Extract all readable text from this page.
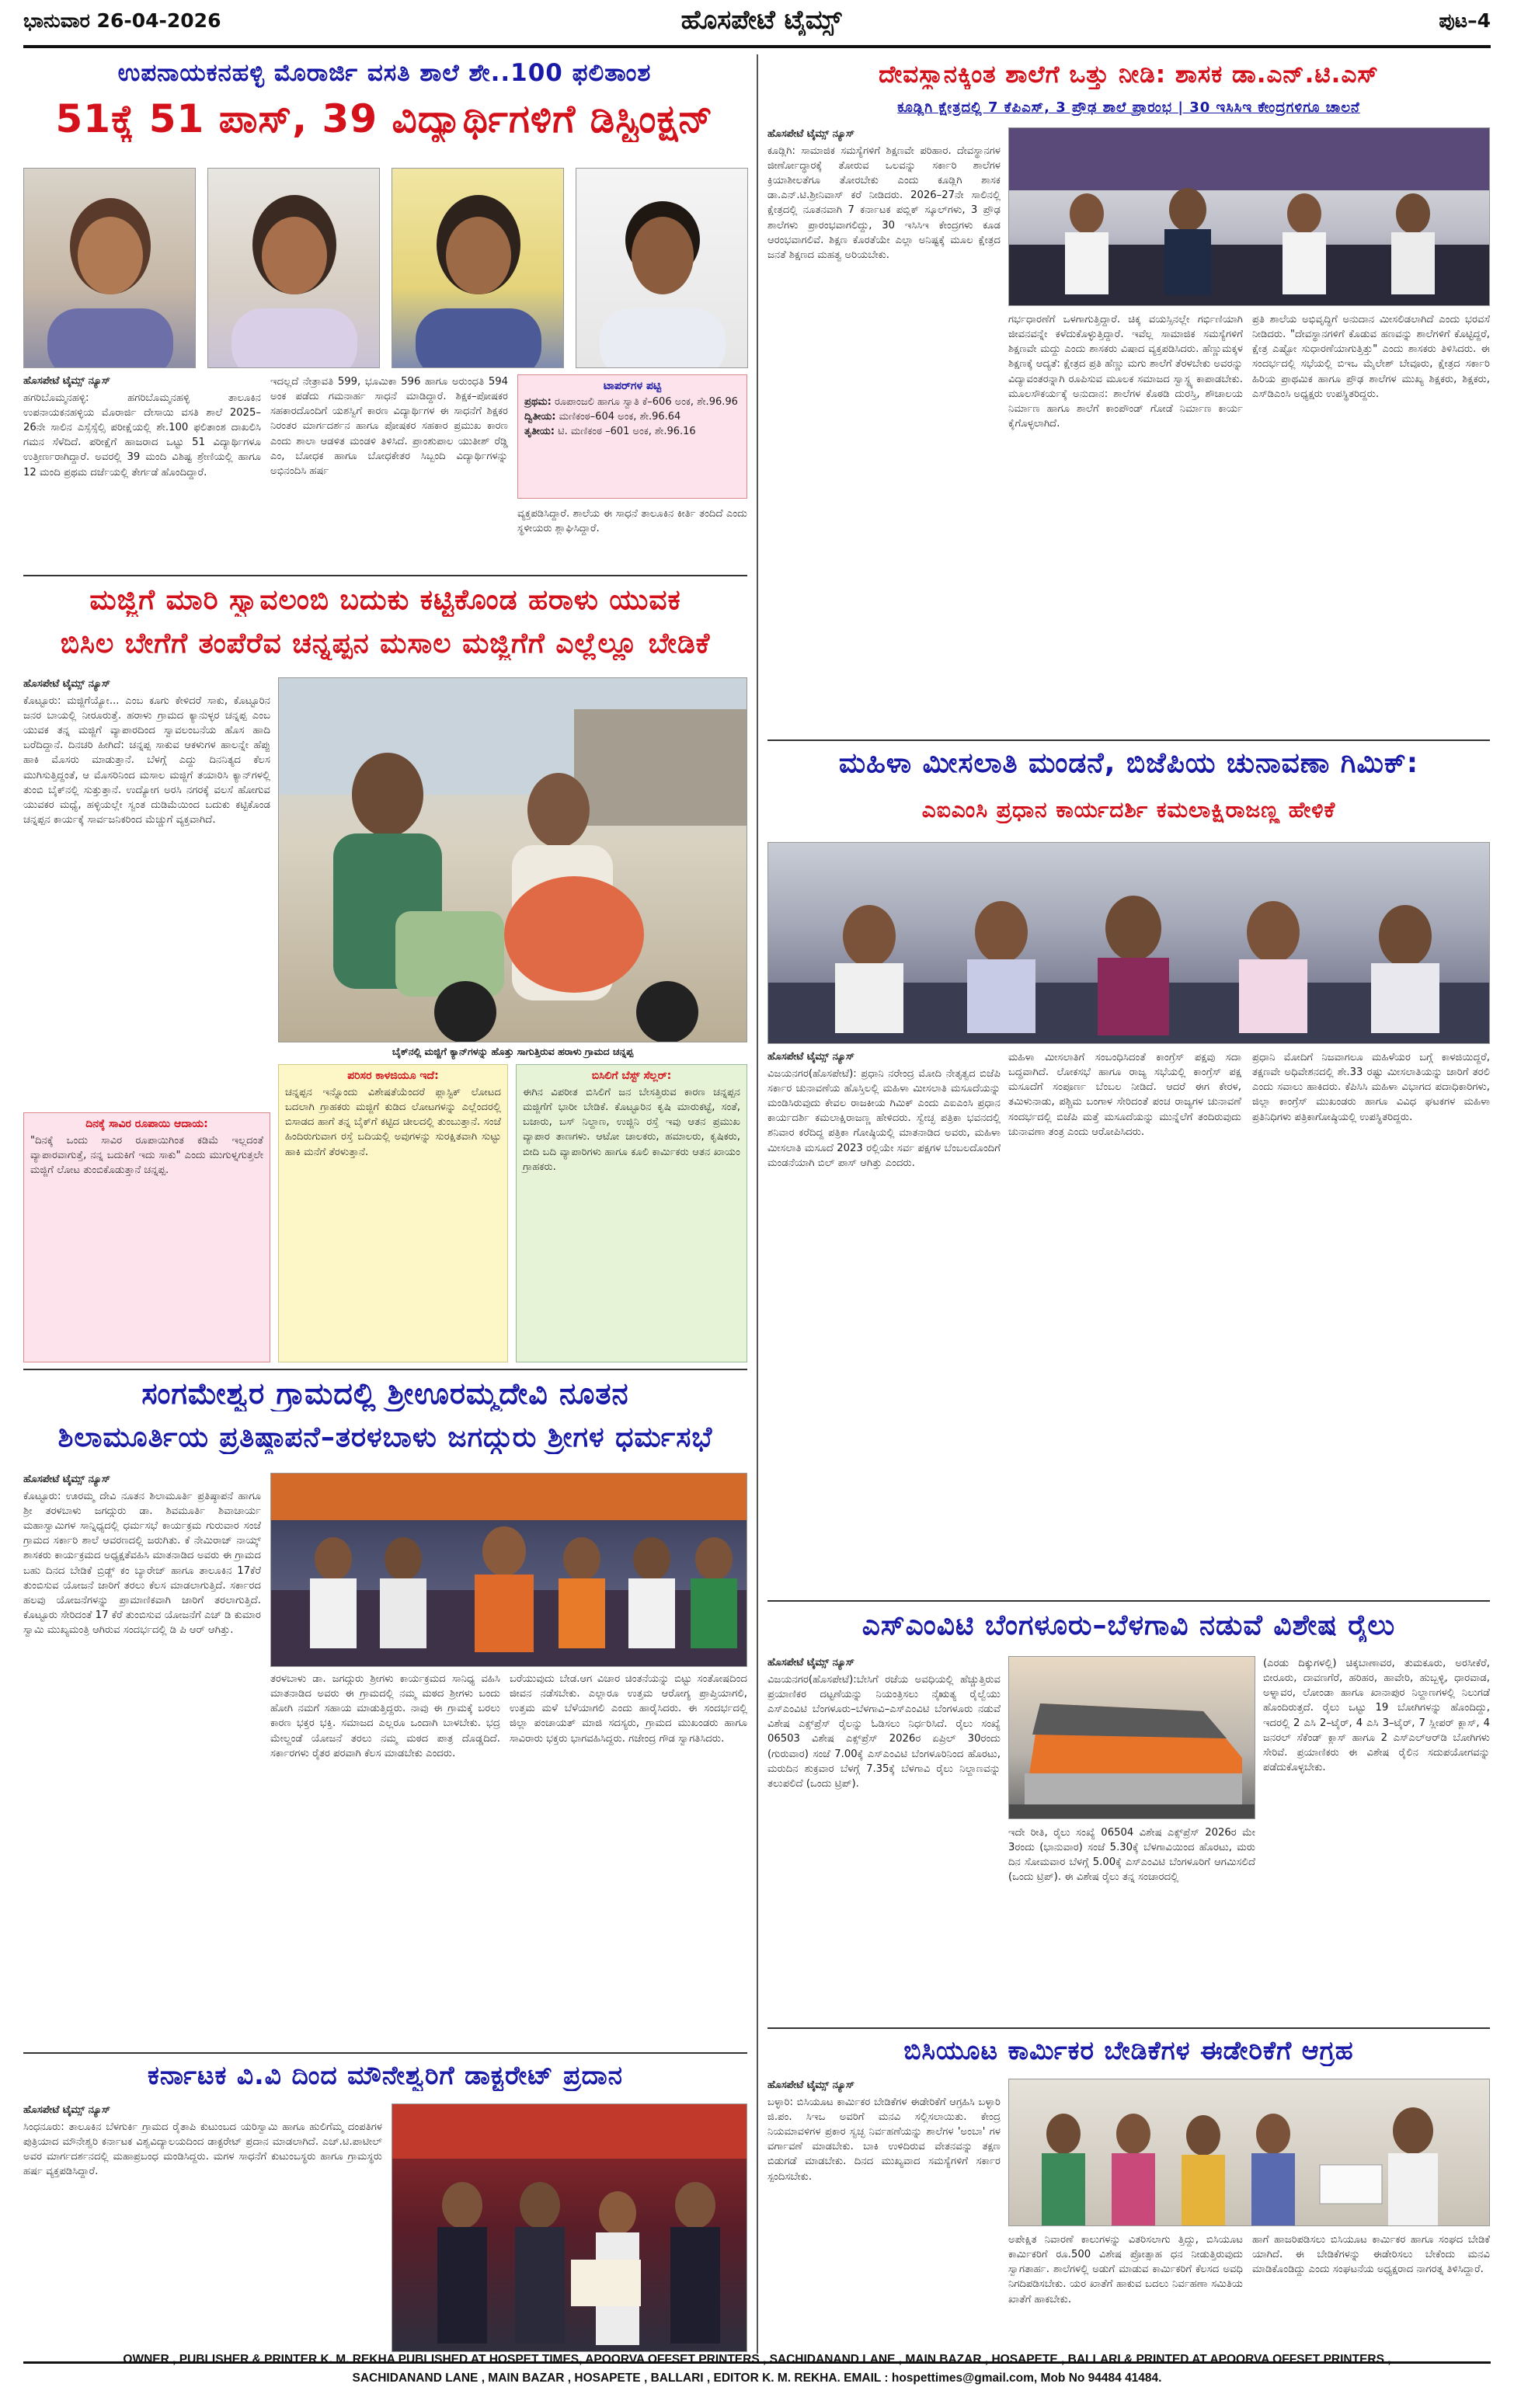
ಭಾನುವಾರ 26-04-2026	ಹೊಸಪೇಟೆ ಟೈಮ್ಸ್	ಪುಟ–4
ಉಪನಾಯಕನಹಳ್ಳಿ ಮೊರಾರ್ಜಿ ವಸತಿ ಶಾಲೆ ಶೇ..100 ಫಲಿತಾಂಶ
51ಕ್ಕೆ 51 ಪಾಸ್, 39 ವಿದ್ಯಾರ್ಥಿಗಳಿಗೆ ಡಿಸ್ಟಿಂಕ್ಷನ್
ಹೊಸಪೇಟೆ ಟೈಮ್ಸ್ ನ್ಯೂಸ್
ಹಗರಿಬೊಮ್ಮನಹಳ್ಳಿ: ಹಗರಿಬೊಮ್ಮನಹಳ್ಳಿ ತಾಲೂಕಿನ ಉಪನಾಯಕನಹಳ್ಳಿಯ ಮೊರಾರ್ಜಿ ದೇಸಾಯಿ ವಸತಿ ಶಾಲೆ 2025–26ನೇ ಸಾಲಿನ ಎಸ್ಸೆಸ್ಸೆಲ್ಸಿ ಪರೀಕ್ಷೆಯಲ್ಲಿ ಶೇ.100 ಫಲಿತಾಂಶ ದಾಖಲಿಸಿ ಗಮನ ಸೆಳೆದಿದೆ. ಪರೀಕ್ಷೆಗೆ ಹಾಜರಾದ ಒಟ್ಟು 51 ವಿದ್ಯಾರ್ಥಿಗಳೂ ಉತ್ತೀರ್ಣರಾಗಿದ್ದಾರೆ. ಅವರಲ್ಲಿ 39 ಮಂದಿ ವಿಶಿಷ್ಟ ಶ್ರೇಣಿಯಲ್ಲಿ ಹಾಗೂ 12 ಮಂದಿ ಪ್ರಥಮ ದರ್ಜೆಯಲ್ಲಿ ತೇರ್ಗಡೆ ಹೊಂದಿದ್ದಾರೆ.
ಇದಲ್ಲದೆ ನೇತ್ರಾವತಿ 599, ಭೂಮಿಕಾ 596 ಹಾಗೂ ಅರುಂಧತಿ 594 ಅಂಕ ಪಡೆದು ಗಮನಾರ್ಹ ಸಾಧನೆ ಮಾಡಿದ್ದಾರೆ. ಶಿಕ್ಷಕ–ಪೋಷಕರ ಸಹಕಾರದೊಂದಿಗೆ ಯಶಸ್ವಿಗೆ ಕಾರಣ ವಿದ್ಯಾರ್ಥಿಗಳ ಈ ಸಾಧನೆಗೆ ಶಿಕ್ಷಕರ ನಿರಂತರ ಮಾರ್ಗದರ್ಶನ ಹಾಗೂ ಪೋಷಕರ ಸಹಕಾರ ಪ್ರಮುಖ ಕಾರಣ ಎಂದು ಶಾಲಾ ಆಡಳಿತ ಮಂಡಳಿ ತಿಳಿಸಿದೆ. ಪ್ರಾಂಶುಪಾಲ ಯುತೀಶ್ ರೆಡ್ಡಿ ಎಂ, ಬೋಧಕ ಹಾಗೂ ಬೋಧಕೇತರ ಸಿಬ್ಬಂದಿ ವಿದ್ಯಾರ್ಥಿಗಳನ್ನು ಅಭಿನಂದಿಸಿ ಹರ್ಷ
ಟಾಪರ್‌ಗಳ ಪಟ್ಟಿ
ಪ್ರಥಮ: ರೂಪಾಂಜಲಿ ಹಾಗೂ ಸ್ವಾತಿ ಕೆ–606 ಅಂಕ, ಶೇ.96.96
ದ್ವಿತೀಯ: ಮಣಿಕಂಠ–604 ಅಂಕ, ಶೇ.96.64
ತೃತೀಯ: ಟಿ. ಮಣಿಕಂಠ –601 ಅಂಕ, ಶೇ.96.16
ವ್ಯಕ್ತಪಡಿಸಿದ್ದಾರೆ. ಶಾಲೆಯ ಈ ಸಾಧನೆ ತಾಲೂಕಿನ ಕೀರ್ತಿ ತಂದಿದೆ ಎಂದು ಸ್ಥಳೀಯರು ಶ್ಲಾಘಿಸಿದ್ದಾರೆ.
ಮಜ್ಜಿಗೆ ಮಾರಿ ಸ್ವಾವಲಂಬಿ ಬದುಕು ಕಟ್ಟಿಕೊಂಡ ಹರಾಳು ಯುವಕ
ಬಿಸಿಲ ಬೇಗೆಗೆ ತಂಪೆರೆವ ಚನ್ನಪ್ಪನ ಮಸಾಲ ಮಜ್ಜಿಗೆಗೆ ಎಲ್ಲೆಲ್ಲೂ ಬೇಡಿಕೆ
ಹೊಸಪೇಟೆ ಟೈಮ್ಸ್ ನ್ಯೂಸ್
ಕೊಟ್ಟೂರು: ಮಜ್ಜಿಗೆಯ್ಯೋ... ಎಂಬ ಕೂಗು ಕೇಳಿದರೆ ಸಾಕು, ಕೊಟ್ಟೂರಿನ ಜನರ ಬಾಯಲ್ಲಿ ನೀರೂರುತ್ತೆ. ಹರಾಳು ಗ್ರಾಮದ ಕ್ಯಾನುಳ್ಳರ ಚನ್ನಪ್ಪ ಎಂಬ ಯುವಕ ತನ್ನ ಮಜ್ಜಿಗೆ ವ್ಯಾಪಾರದಿಂದ ಸ್ವಾವಲಂಬನೆಯ ಹೊಸ ಹಾದಿ ಬರೆದಿದ್ದಾನೆ. ದಿನಚರಿ ಹೀಗಿದೆ: ಚನ್ನಪ್ಪ ಸಾಕುವ ಆಕಳುಗಳ ಹಾಲನ್ನೇ ಹೆಪ್ಪು ಹಾಕಿ ಮೊಸರು ಮಾಡುತ್ತಾನೆ. ಬೆಳಗ್ಗೆ ಎದ್ದು ದಿನನಿತ್ಯದ ಕೆಲಸ ಮುಗಿಸುತ್ತಿದ್ದಂತೆ, ಆ ಮೊಸರಿನಿಂದ ಮಸಾಲ ಮಜ್ಜಿಗೆ ತಯಾರಿಸಿ ಕ್ಯಾನ್‌ಗಳಲ್ಲಿ ತುಂಬಿ ಬೈಕ್‌ನಲ್ಲಿ ಸುತ್ತುತ್ತಾನೆ. ಉದ್ಯೋಗ ಅರಸಿ ನಗರಕ್ಕೆ ವಲಸೆ ಹೋಗುವ ಯುವಕರ ಮಧ್ಯೆ, ಹಳ್ಳಿಯಲ್ಲೇ ಸ್ವಂತ ದುಡಿಮೆಯಿಂದ ಬದುಕು ಕಟ್ಟಿಕೊಂಡ ಚನ್ನಪ್ಪನ ಕಾರ್ಯಕ್ಕೆ ಸಾರ್ವಜನಿಕರಿಂದ ಮೆಚ್ಚುಗೆ ವ್ಯಕ್ತವಾಗಿದೆ.
ಬೈಕ್‌ನಲ್ಲಿ ಮಜ್ಜಿಗೆ ಕ್ಯಾನ್‌ಗಳನ್ನು ಹೊತ್ತು ಸಾಗುತ್ತಿರುವ ಹರಾಳು ಗ್ರಾಮದ ಚನ್ನಪ್ಪ
ದಿನಕ್ಕೆ ಸಾವಿರ ರೂಪಾಯಿ ಆದಾಯ:
"ದಿನಕ್ಕೆ ಒಂದು ಸಾವಿರ ರೂಪಾಯಿಗಿಂತ ಕಡಿಮೆ ಇಲ್ಲದಂತೆ ವ್ಯಾಪಾರವಾಗುತ್ತೆ, ನನ್ನ ಬದುಕಿಗೆ ಇದು ಸಾಕು" ಎಂದು ಮುಗುಳ್ನಗುತ್ತಲೇ ಮಜ್ಜಿಗೆ ಲೋಟ ತುಂಬಿಕೊಡುತ್ತಾನೆ ಚನ್ನಪ್ಪ.
ಪರಿಸರ ಕಾಳಜಿಯೂ ಇದೆ:
ಚನ್ನಪ್ಪನ ಇನ್ನೊಂದು ವಿಶೇಷತೆಯೆಂದರೆ ಪ್ಲಾಸ್ಟಿಕ್ ಲೋಟದ ಬದಲಾಗಿ ಗ್ರಾಹಕರು ಮಜ್ಜಿಗೆ ಕುಡಿದ ಲೋಟಗಳನ್ನು ಎಲ್ಲೆಂದರಲ್ಲಿ ಬಿಸಾಡದ ಹಾಗೆ ತನ್ನ ಬೈಕ್‌ಗೆ ಕಟ್ಟಿದ ಚೀಲದಲ್ಲಿ ತುಂಬುತ್ತಾನೆ. ಸಂಜೆ ಹಿಂದಿರುಗುವಾಗ ರಸ್ತೆ ಬದಿಯಲ್ಲಿ ಅವುಗಳನ್ನು ಸುರಕ್ಷಿತವಾಗಿ ಸುಟ್ಟು ಹಾಕಿ ಮನೆಗೆ ತೆರಳುತ್ತಾನೆ.
ಬಿಸಿಲಿಗೆ ಬೆಸ್ಟ್ ಸೆಲ್ಲರ್:
ಈಗಿನ ವಿಪರೀತ ಬಿಸಿಲಿಗೆ ಜನ ಬೇಸತ್ತಿರುವ ಕಾರಣ ಚನ್ನಪ್ಪನ ಮಜ್ಜಿಗೆಗೆ ಭಾರೀ ಬೇಡಿಕೆ. ಕೊಟ್ಟೂರಿನ ಕೃಷಿ ಮಾರುಕಟ್ಟೆ, ಸಂತೆ, ಬಜಾರು, ಬಸ್ ನಿಲ್ದಾಣ, ಉಜ್ಜಿನಿ ರಸ್ತೆ ಇವು ಆತನ ಪ್ರಮುಖ ವ್ಯಾಪಾರ ತಾಣಗಳು. ಆಟೋ ಚಾಲಕರು, ಹಮಾಲರು, ಕೃಷಿಕರು, ಬೀದಿ ಬದಿ ವ್ಯಾಪಾರಿಗಳು ಹಾಗೂ ಕೂಲಿ ಕಾರ್ಮಿಕರು ಆತನ ಖಾಯಂ ಗ್ರಾಹಕರು.
ಸಂಗಮೇಶ್ವರ ಗ್ರಾಮದಲ್ಲಿ ಶ್ರೀಊರಮ್ಮದೇವಿ ನೂತನ
ಶಿಲಾಮೂರ್ತಿಯ ಪ್ರತಿಷ್ಠಾಪನೆ–ತರಳಬಾಳು ಜಗದ್ಗುರು ಶ್ರೀಗಳ ಧರ್ಮಸಭೆ
ಹೊಸಪೇಟೆ ಟೈಮ್ಸ್ ನ್ಯೂಸ್
ಕೊಟ್ಟೂರು: ಊರಮ್ಮ ದೇವಿ ನೂತನ ಶಿಲಾಮೂರ್ತಿ ಪ್ರತಿಷ್ಠಾಪನೆ ಹಾಗೂ ಶ್ರೀ ತರಳಬಾಳು ಜಗದ್ಗುರು ಡಾ. ಶಿವಮೂರ್ತಿ ಶಿವಾಚಾರ್ಯ ಮಹಾಸ್ವಾಮಿಗಳ ಸಾನ್ನಿಧ್ಯದಲ್ಲಿ ಧರ್ಮಸಭೆ ಕಾರ್ಯಕ್ರಮ ಗುರುವಾರ ಸಂಜೆ ಗ್ರಾಮದ ಸರ್ಕಾರಿ ಶಾಲೆ ಆವರಣದಲ್ಲಿ ಜರುಗಿತು. ಕೆ ನೇಮಿರಾಜ್ ನಾಯ್ಕ್ ಶಾಸಕರು ಕಾರ್ಯಕ್ರಮದ ಅಧ್ಯಕ್ಷತೆವಹಿಸಿ ಮಾತನಾಡಿದ ಅವರು ಈ ಗ್ರಾಮದ ಬಹು ದಿನದ ಬೇಡಿಕೆ ಬ್ರಿಡ್ಜ್ ಕಂ ಬ್ಯಾರೇಜ್ ಹಾಗೂ ತಾಲೂಕಿನ 17ಕೆರೆ ತುಂಬಿಸುವ ಯೋಜನೆ ಜಾರಿಗೆ ತರಲು ಕೆಲಸ ಮಾಡಲಾಗುತ್ತಿದೆ. ಸರ್ಕಾರದ ಹಲವು ಯೋಜನೆಗಳನ್ನು ಪ್ರಾಮಾಣಿಕವಾಗಿ ಜಾರಿಗೆ ತರಲಾಗುತ್ತಿದೆ. ಕೊಟ್ಟೂರು ಸೇರಿದಂತೆ 17 ಕೆರೆ ತುಂಬಿಸುವ ಯೋಜನೆಗೆ ಎಚ್ ಡಿ ಕುಮಾರ ಸ್ವಾಮಿ ಮುಖ್ಯಮಂತ್ರಿ ಆಗಿರುವ ಸಂದರ್ಭದಲ್ಲಿ ಡಿ ಪಿ ಆರ್ ಆಗಿತ್ತು.
ತರಳಬಾಳು ಡಾ. ಜಗದ್ಗುರು ಶ್ರೀಗಳು ಕಾರ್ಯಕ್ರಮದ ಸಾನಿಧ್ಯ ವಹಿಸಿ ಮಾತನಾಡಿದ ಅವರು ಈ ಗ್ರಾಮದಲ್ಲಿ ನಮ್ಮ ಮಠದ ಶ್ರೀಗಳು ಬಂದು ಹೋಗಿ ನಮಗೆ ಸಹಾಯ ಮಾಡುತ್ತಿದ್ದರು. ನಾವು ಈ ಗ್ರಾಮಕ್ಕೆ ಬರಲು ಕಾರಣ ಭಕ್ತರ ಭಕ್ತಿ. ಸಮಾಜದ ಎಲ್ಲರೂ ಒಂದಾಗಿ ಬಾಳಬೇಕು. ಭದ್ರ ಮೇಲ್ದಂಡೆ ಯೋಜನೆ ತರಲು ನಮ್ಮ ಮಠದ ಪಾತ್ರ ದೊಡ್ಡದಿದೆ. ಸರ್ಕಾರಗಳು ರೈತರ ಪರವಾಗಿ ಕೆಲಸ ಮಾಡಬೇಕು ಎಂದರು.
ಬರೆಯುವುದು ಬೇಡ.ಆಗ ವಿಚಾರ ಚಿಂತನೆಯನ್ನು ಬಿಟ್ಟು ಸಂತೋಷದಿಂದ ಜೀವನ ನಡೆಸಬೇಕು. ಎಲ್ಲಾರೂ ಉತ್ತಮ ಆರೋಗ್ಯ ಪ್ರಾಪ್ತಿಯಾಗಲಿ, ಉತ್ತಮ ಮಳೆ ಬೆಳೆಯಾಗಲಿ ಎಂದು ಹಾರೈಸಿದರು. ಈ ಸಂದರ್ಭದಲ್ಲಿ ಜಿಲ್ಲಾ ಪಂಚಾಯತ್ ಮಾಜಿ ಸದಸ್ಯರು, ಗ್ರಾಮದ ಮುಖಂಡರು ಹಾಗೂ ಸಾವಿರಾರು ಭಕ್ತರು ಭಾಗವಹಿಸಿದ್ದರು. ಗಜೇಂದ್ರ ಗೌಡ ಸ್ವಾಗತಿಸಿದರು.
ಕರ್ನಾಟಕ ವಿ.ವಿ ದಿಂದ ಮೌನೇಶ್ವರಿಗೆ ಡಾಕ್ಟರೇಟ್ ಪ್ರದಾನ
ಹೊಸಪೇಟೆ ಟೈಮ್ಸ್ ನ್ಯೂಸ್
ಸಿಂಧನೂರು: ತಾಲೂಕಿನ ಬೆಳಗುರ್ಕಿ ಗ್ರಾಮದ ರೈತಾಪಿ ಕುಟುಂಬದ ಯರಿಸ್ವಾಮಿ ಹಾಗೂ ಹುಲಿಗೆಮ್ಮ ದಂಪತಿಗಳ ಪುತ್ರಿಯಾದ ಮೌನೇಶ್ವರಿ ಕರ್ನಾಟಕ ವಿಶ್ವವಿದ್ಯಾಲಯದಿಂದ ಡಾಕ್ಟರೇಟ್ ಪ್ರದಾನ ಮಾಡಲಾಗಿದೆ. ಎಚ್.ಟಿ.ಪಾಟೀಲ್ ಅವರ ಮಾರ್ಗದರ್ಶನದಲ್ಲಿ ಮಹಾಪ್ರಬಂಧ ಮಂಡಿಸಿದ್ದರು. ಮಗಳ ಸಾಧನೆಗೆ ಕುಟುಂಬಸ್ಥರು ಹಾಗೂ ಗ್ರಾಮಸ್ಥರು ಹರ್ಷ ವ್ಯಕ್ತಪಡಿಸಿದ್ದಾರೆ.
ದೇವಸ್ಥಾನಕ್ಕಿಂತ ಶಾಲೆಗೆ ಒತ್ತು ನೀಡಿ: ಶಾಸಕ ಡಾ.ಎನ್.ಟಿ.ಎಸ್
ಕೂಡ್ಲಿಗಿ ಕ್ಷೇತ್ರದಲ್ಲಿ 7 ಕೆಪಿಎಸ್, 3 ಪ್ರೌಢ ಶಾಲೆ ಪ್ರಾರಂಭ | 30 ಇಸಿಸಿಇ ಕೇಂದ್ರಗಳಿಗೂ ಚಾಲನೆ
ಹೊಸಪೇಟೆ ಟೈಮ್ಸ್ ನ್ಯೂಸ್
ಕೂಡ್ಲಿಗಿ: ಸಾಮಾಜಿಕ ಸಮಸ್ಯೆಗಳಿಗೆ ಶಿಕ್ಷಣವೇ ಪರಿಹಾರ. ದೇವಸ್ಥಾನಗಳ ಜೀರ್ಣೋದ್ಧಾರಕ್ಕೆ ತೋರುವ ಒಲವನ್ನು ಸರ್ಕಾರಿ ಶಾಲೆಗಳ ಕ್ರಿಯಾಶೀಲತೆಗೂ ತೋರಬೇಕು ಎಂದು ಕೂಡ್ಲಿಗಿ ಶಾಸಕ ಡಾ.ಎನ್.ಟಿ.ಶ್ರೀನಿವಾಸ್ ಕರೆ ನೀಡಿದರು. 2026–27ನೇ ಸಾಲಿನಲ್ಲಿ ಕ್ಷೇತ್ರದಲ್ಲಿ ನೂತನವಾಗಿ 7 ಕರ್ನಾಟಕ ಪಬ್ಲಿಕ್ ಸ್ಕೂಲ್‌ಗಳು, 3 ಪ್ರೌಢ ಶಾಲೆಗಳು ಪ್ರಾರಂಭವಾಗಲಿದ್ದು, 30 ಇಸಿಸಿಇ ಕೇಂದ್ರಗಳು ಕೂಡ ಆರಂಭವಾಗಲಿವೆ. ಶಿಕ್ಷಣ ಕೊರತೆಯೇ ಎಲ್ಲಾ ಅನಿಷ್ಟಕ್ಕೆ ಮೂಲ ಕ್ಷೇತ್ರದ ಜನತೆ ಶಿಕ್ಷಣದ ಮಹತ್ವ ಅರಿಯಬೇಕು.
ಗರ್ಭಧಾರಣೆಗೆ ಒಳಗಾಗುತ್ತಿದ್ದಾರೆ. ಚಿಕ್ಕ ವಯಸ್ಸಿನಲ್ಲೇ ಗರ್ಭಿಣಿಯಾಗಿ ಜೀವನವನ್ನೇ ಕಳೆದುಕೊಳ್ಳುತ್ತಿದ್ದಾರೆ. ಇವೆಲ್ಲ ಸಾಮಾಜಿಕ ಸಮಸ್ಯೆಗಳಿಗೆ ಶಿಕ್ಷಣವೇ ಮದ್ದು ಎಂದು ಶಾಸಕರು ವಿಷಾದ ವ್ಯಕ್ತಪಡಿಸಿದರು. ಹೆಣ್ಣುಮಕ್ಕಳ ಶಿಕ್ಷಣಕ್ಕೆ ಆದ್ಯತೆ: ಕ್ಷೇತ್ರದ ಪ್ರತಿ ಹೆಣ್ಣು ಮಗು ಶಾಲೆಗೆ ತೆರಳಬೇಕು ಅವರನ್ನು ವಿದ್ಯಾವಂತರನ್ನಾಗಿ ರೂಪಿಸುವ ಮೂಲಕ ಸಮಾಜದ ಸ್ವಾಸ್ಥ್ಯ ಕಾಪಾಡಬೇಕು. ಮೂಲಸೌಕರ್ಯಕ್ಕೆ ಅನುದಾನ: ಶಾಲೆಗಳ ಕೊಠಡಿ ದುರಸ್ತಿ, ಶೌಚಾಲಯ ನಿರ್ಮಾಣ ಹಾಗೂ ಶಾಲೆಗೆ ಕಾಂಪೌಂಡ್ ಗೋಡೆ ನಿರ್ಮಾಣ ಕಾರ್ಯ ಕೈಗೊಳ್ಳಲಾಗಿದೆ.
ಪ್ರತಿ ಶಾಲೆಯ ಅಭಿವೃದ್ಧಿಗೆ ಅನುದಾನ ಮೀಸಲಿಡಲಾಗಿದೆ ಎಂದು ಭರವಸೆ ನೀಡಿದರು. "ದೇವಸ್ಥಾನಗಳಿಗೆ ಕೊಡುವ ಹಣವನ್ನು ಶಾಲೆಗಳಿಗೆ ಕೊಟ್ಟಿದ್ದರೆ, ಕ್ಷೇತ್ರ ಎಷ್ಟೋ ಸುಧಾರಣೆಯಾಗುತ್ತಿತ್ತು" ಎಂದು ಶಾಸಕರು ತಿಳಿಸಿದರು. ಈ ಸಂದರ್ಭದಲ್ಲಿ ಸಭೆಯಲ್ಲಿ ಬಿಇಒ ಮೈಲೇಶ್ ಬೇವೂರು, ಕ್ಷೇತ್ರದ ಸರ್ಕಾರಿ ಹಿರಿಯ ಪ್ರಾಥಮಿಕ ಹಾಗೂ ಪ್ರೌಢ ಶಾಲೆಗಳ ಮುಖ್ಯ ಶಿಕ್ಷಕರು, ಶಿಕ್ಷಕರು, ಎಸ್‌ಡಿಎಂಸಿ ಅಧ್ಯಕ್ಷರು ಉಪಸ್ಥಿತರಿದ್ದರು.
ಮಹಿಳಾ ಮೀಸಲಾತಿ ಮಂಡನೆ, ಬಿಜೆಪಿಯ ಚುನಾವಣಾ ಗಿಮಿಕ್:
ಎಐಎಂಸಿ ಪ್ರಧಾನ ಕಾರ್ಯದರ್ಶಿ ಕಮಲಾಕ್ಷಿರಾಜಣ್ಣ ಹೇಳಿಕೆ
ಹೊಸಪೇಟೆ ಟೈಮ್ಸ್ ನ್ಯೂಸ್
ವಿಜಯನಗರ(ಹೊಸಪೇಟೆ): ಪ್ರಧಾನಿ ನರೇಂದ್ರ ಮೋದಿ ನೇತೃತ್ವದ ಬಿಜೆಪಿ ಸರ್ಕಾರ ಚುನಾವಣೆಯ ಹೊಸ್ತಿಲಲ್ಲಿ ಮಹಿಳಾ ಮೀಸಲಾತಿ ಮಸೂದೆಯನ್ನು ಮಂಡಿಸಿರುವುದು ಕೇವಲ ರಾಜಕೀಯ ಗಿಮಿಕ್ ಎಂದು ಎಐಎಂಸಿ ಪ್ರಧಾನ ಕಾರ್ಯದರ್ಶಿ ಕಮಲಾಕ್ಷಿರಾಜಣ್ಣ ಹೇಳಿದರು. ಸ್ವೇಚ್ಛ ಪತ್ರಿಕಾ ಭವನದಲ್ಲಿ ಶನಿವಾರ ಕರೆದಿದ್ದ ಪತ್ರಿಕಾ ಗೋಷ್ಠಿಯಲ್ಲಿ ಮಾತನಾಡಿದ ಅವರು, ಮಹಿಳಾ ಮೀಸಲಾತಿ ಮಸೂದೆ 2023 ರಲ್ಲಿಯೇ ಸರ್ವ ಪಕ್ಷಗಳ ಬೆಂಬಲದೊಂದಿಗೆ ಮಂಡನೆಯಾಗಿ ಬಿಲ್ ಪಾಸ್ ಆಗಿತ್ತು ಎಂದರು.
ಮಹಿಳಾ ಮೀಸಲಾತಿಗೆ ಸಂಬಂಧಿಸಿದಂತೆ ಕಾಂಗ್ರೆಸ್ ಪಕ್ಷವು ಸದಾ ಬದ್ಧವಾಗಿದೆ. ಲೋಕಸಭೆ ಹಾಗೂ ರಾಜ್ಯ ಸಭೆಯಲ್ಲಿ ಕಾಂಗ್ರೆಸ್ ಪಕ್ಷ ಮಸೂದೆಗೆ ಸಂಪೂರ್ಣ ಬೆಂಬಲ ನೀಡಿದೆ. ಆದರೆ ಈಗ ಕೇರಳ, ತಮಿಳುನಾಡು, ಪಶ್ಚಿಮ ಬಂಗಾಳ ಸೇರಿದಂತೆ ಪಂಚ ರಾಜ್ಯಗಳ ಚುನಾವಣೆ ಸಂದರ್ಭದಲ್ಲಿ ಬಿಜೆಪಿ ಮತ್ತೆ ಮಸೂದೆಯನ್ನು ಮುನ್ನೆಲೆಗೆ ತಂದಿರುವುದು ಚುನಾವಣಾ ತಂತ್ರ ಎಂದು ಆರೋಪಿಸಿದರು.
ಪ್ರಧಾನಿ ಮೋದಿಗೆ ನಿಜವಾಗಲೂ ಮಹಿಳೆಯರ ಬಗ್ಗೆ ಕಾಳಜಿಯಿದ್ದರೆ, ತಕ್ಷಣವೇ ಅಧಿವೇಶನದಲ್ಲಿ ಶೇ.33 ರಷ್ಟು ಮೀಸಲಾತಿಯನ್ನು ಜಾರಿಗೆ ತರಲಿ ಎಂದು ಸವಾಲು ಹಾಕಿದರು. ಕೆಪಿಸಿಸಿ ಮಹಿಳಾ ವಿಭಾಗದ ಪದಾಧಿಕಾರಿಗಳು, ಜಿಲ್ಲಾ ಕಾಂಗ್ರೆಸ್ ಮುಖಂಡರು ಹಾಗೂ ವಿವಿಧ ಘಟಕಗಳ ಮಹಿಳಾ ಪ್ರತಿನಿಧಿಗಳು ಪತ್ರಿಕಾಗೋಷ್ಠಿಯಲ್ಲಿ ಉಪಸ್ಥಿತರಿದ್ದರು.
ಎಸ್‌ಎಂವಿಟಿ ಬೆಂಗಳೂರು–ಬೆಳಗಾವಿ ನಡುವೆ ವಿಶೇಷ ರೈಲು
ಹೊಸಪೇಟೆ ಟೈಮ್ಸ್ ನ್ಯೂಸ್
ವಿಜಯನಗರ(ಹೊಸಪೇಟೆ):ಬೇಸಿಗೆ ರಜೆಯ ಅವಧಿಯಲ್ಲಿ ಹೆಚ್ಚುತ್ತಿರುವ ಪ್ರಯಾಣಿಕರ ದಟ್ಟಣೆಯನ್ನು ನಿಯಂತ್ರಿಸಲು ನೈಋತ್ಯ ರೈಲ್ವೆಯು ಎಸ್‌ಎಂವಿಟಿ ಬೆಂಗಳೂರು–ಬೆಳಗಾವಿ–ಎಸ್‌ಎಂವಿಟಿ ಬೆಂಗಳೂರು ನಡುವೆ ವಿಶೇಷ ಎಕ್ಸ್‌ಪ್ರೆಸ್ ರೈಲನ್ನು ಓಡಿಸಲು ನಿರ್ಧರಿಸಿದೆ. ರೈಲು ಸಂಖ್ಯೆ 06503 ವಿಶೇಷ ಎಕ್ಸ್‌ಪ್ರೆಸ್ 2026ರ ಏಪ್ರಿಲ್ 30ರಂದು (ಗುರುವಾರ) ಸಂಜೆ 7.00ಕ್ಕೆ ಎಸ್‌ಎಂವಿಟಿ ಬೆಂಗಳೂರಿನಿಂದ ಹೊರಟು, ಮರುದಿನ ಶುಕ್ರವಾರ ಬೆಳಗ್ಗೆ 7.35ಕ್ಕೆ ಬೆಳಗಾವಿ ರೈಲು ನಿಲ್ದಾಣವನ್ನು ತಲುಪಲಿದೆ (ಒಂದು ಟ್ರಿಪ್).
ಇದೇ ರೀತಿ, ರೈಲು ಸಂಖ್ಯೆ 06504 ವಿಶೇಷ ಎಕ್ಸ್‌ಪ್ರೆಸ್ 2026ರ ಮೇ 3ರಂದು (ಭಾನುವಾರ) ಸಂಜೆ 5.30ಕ್ಕೆ ಬೆಳಗಾವಿಯಿಂದ ಹೊರಟು, ಮರು ದಿನ ಸೋಮವಾರ ಬೆಳಗ್ಗೆ 5.00ಕ್ಕೆ ಎಸ್‌ಎಂವಿಟಿ ಬೆಂಗಳೂರಿಗೆ ಆಗಮಿಸಲಿದೆ (ಒಂದು ಟ್ರಿಪ್). ಈ ವಿಶೇಷ ರೈಲು ತನ್ನ ಸಂಚಾರದಲ್ಲಿ
(ಎರಡು ದಿಕ್ಕುಗಳಲ್ಲಿ) ಚಿಕ್ಕಬಾಣಾವರ, ತುಮಕೂರು, ಅರಸೀಕೆರೆ, ಬೀರೂರು, ದಾವಣಗೆರೆ, ಹರಿಹರ, ಹಾವೇರಿ, ಹುಬ್ಬಳ್ಳಿ, ಧಾರವಾಡ, ಅಳ್ನಾವರ, ಲೋಂಡಾ ಹಾಗೂ ಖಾನಾಪುರ ನಿಲ್ದಾಣಗಳಲ್ಲಿ ನಿಲುಗಡೆ ಹೊಂದಿರುತ್ತದೆ. ರೈಲು ಒಟ್ಟು 19 ಬೋಗಿಗಳನ್ನು ಹೊಂದಿದ್ದು, ಇದರಲ್ಲಿ 2 ಎಸಿ 2–ಟೈರ್, 4 ಎಸಿ 3–ಟೈರ್, 7 ಸ್ಲೀಪರ್ ಕ್ಲಾಸ್, 4 ಜನರಲ್ ಸೆಕೆಂಡ್ ಕ್ಲಾಸ್ ಹಾಗೂ 2 ಎಸ್ಎಲ್ಆರ್‌ಡಿ ಬೋಗಿಗಳು ಸೇರಿವೆ. ಪ್ರಯಾಣಿಕರು ಈ ವಿಶೇಷ ರೈಲಿನ ಸದುಪಯೋಗವನ್ನು ಪಡೆದುಕೊಳ್ಳಬೇಕು.
ಬಿಸಿಯೂಟ ಕಾರ್ಮಿಕರ ಬೇಡಿಕೆಗಳ ಈಡೇರಿಕೆಗೆ ಆಗ್ರಹ
ಹೊಸಪೇಟೆ ಟೈಮ್ಸ್ ನ್ಯೂಸ್
ಬಳ್ಳಾರಿ: ಬಿಸಿಯೂಟ ಕಾರ್ಮಿಕರ ಬೇಡಿಕೆಗಳ ಈಡೇರಿಕೆಗೆ ಆಗ್ರಹಿಸಿ ಬಳ್ಳಾರಿ ಜಿ.ಪಂ. ಸಿಇಒ ಅವರಿಗೆ ಮನವಿ ಸಲ್ಲಿಸಲಾಯಿತು. ಕೇಂದ್ರ ನಿಯಮಾವಳಿಗಳ ಪ್ರಕಾರ ಸ್ವಚ್ಛ ನಿರ್ವಹಣೆಯನ್ನು ಶಾಲೆಗಳ 'ಅಂಬಾ' ಗಳ ವರ್ಗಾವಣೆ ಮಾಡಬೇಕು. ಬಾಕಿ ಉಳಿದಿರುವ ವೇತನವನ್ನು ತಕ್ಷಣ ಬಿಡುಗಡೆ ಮಾಡಬೇಕು. ದಿನದ ಮುಖ್ಯವಾದ ಸಮಸ್ಯೆಗಳಿಗೆ ಸರ್ಕಾರ ಸ್ಪಂದಿಸಬೇಕು.
ಅಪೇಕ್ಷಿತ ನಿವಾರಣೆ ಕಾಲುಗಳನ್ನು ವಿತರಿಸಲಾಗು ತ್ತಿದ್ದು, ಬಿಸಿಯೂಟ ಕಾರ್ಮಿಕರಿಗೆ ರೂ.500 ವಿಶೇಷ ಪ್ರೋತ್ಸಾಹ ಧನ ನೀಡುತ್ತಿರುವುದು ಸ್ವಾಗತಾರ್ಹ. ಶಾಲೆಗಳಲ್ಲಿ ಅಡುಗೆ ಮಾಡುವ ಕಾರ್ಮಿಕರಿಗೆ ಕೆಲಸದ ಅವಧಿ ನಿಗದಿಪಡಿಸಬೇಕು. ಯರ ಖಾತೆಗೆ ಹಾಕುವ ಬದಲು ನಿರ್ವಹಣಾ ಸಮಿತಿಯ ಖಾತೆಗೆ ಹಾಕಬೇಕು.
ಹಾಗೆ ಹಾಜರಿಪಡಿಸಲು ಬಿಸಿಯೂಟ ಕಾರ್ಮಿಕರ ಹಾಗೂ ಸಂಘದ ಬೇಡಿಕೆ ಯಾಗಿದೆ. ಈ ಬೇಡಿಕೆಗಳನ್ನು ಈಡೇರಿಸಲು ಬೇಕೆಂದು ಮನವಿ ಮಾಡಿಕೊಂಡಿದ್ದು ಎಂದು ಸಂಘಟನೆಯ ಅಧ್ಯಕ್ಷರಾದ ನಾಗರತ್ನ ತಿಳಿಸಿದ್ದಾರೆ.
OWNER , PUBLISHER & PRINTER K. M. REKHA PUBLISHED AT HOSPET TIMES, APOORVA OFFSET PRINTERS , SACHIDANAND LANE , MAIN BAZAR , HOSAPETE , BALLARI & PRINTED AT APOORVA OFFSET PRINTERS ,
SACHIDANAND LANE , MAIN BAZAR , HOSAPETE , BALLARI , EDITOR K. M. REKHA. EMAIL : hospettimes@gmail.com, Mob No 94484 41484.
